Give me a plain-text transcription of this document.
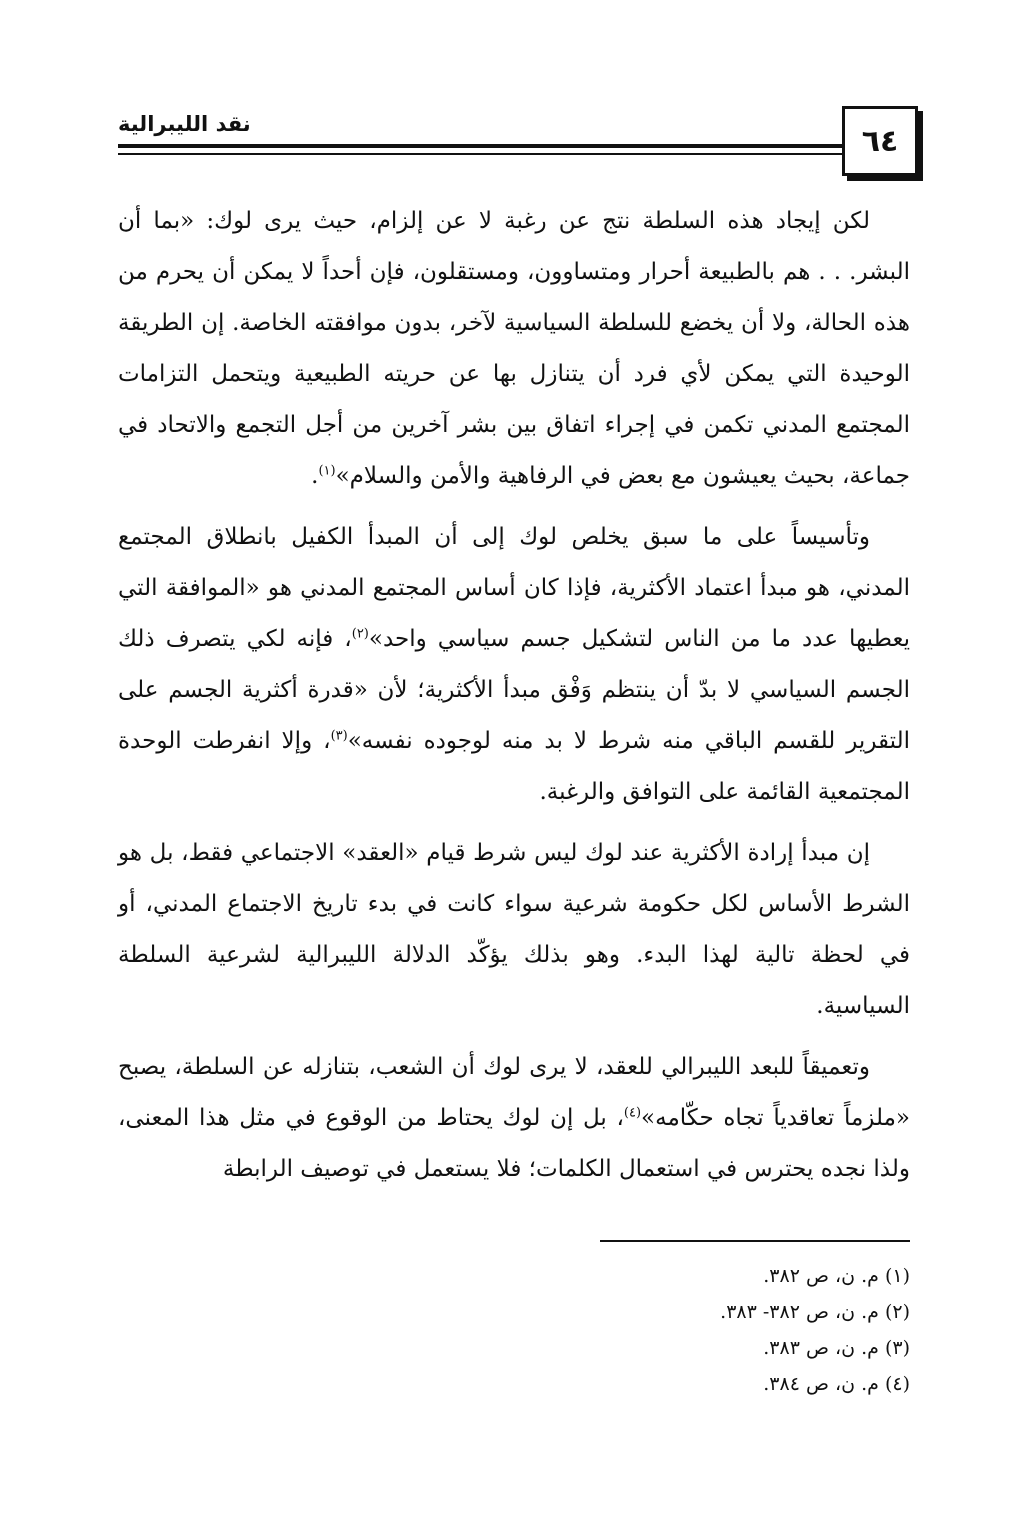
نقد الليبرالية	٦٤

لكن إيجاد هذه السلطة نتج عن رغبة لا عن إلزام، حيث يرى لوك: «بما أن البشر. . . هم بالطبيعة أحرار ومتساوون، ومستقلون، فإن أحداً لا يمكن أن يحرم من هذه الحالة، ولا أن يخضع للسلطة السياسية لآخر، بدون موافقته الخاصة. إن الطريقة الوحيدة التي يمكن لأي فرد أن يتنازل بها عن حريته الطبيعية ويتحمل التزامات المجتمع المدني تكمن في إجراء اتفاق بين بشر آخرين من أجل التجمع والاتحاد في جماعة، بحيث يعيشون مع بعض في الرفاهية والأمن والسلام»$^{(١)}$.

وتأسيساً على ما سبق يخلص لوك إلى أن المبدأ الكفيل بانطلاق المجتمع المدني، هو مبدأ اعتماد الأكثرية، فإذا كان أساس المجتمع المدني هو «الموافقة التي يعطيها عدد ما من الناس لتشكيل جسم سياسي واحد»$^{(٢)}$، فإنه لكي يتصرف ذلك الجسم السياسي لا بدّ أن ينتظم وَفْق مبدأ الأكثرية؛ لأن «قدرة أكثرية الجسم على التقرير للقسم الباقي منه شرط لا بد منه لوجوده نفسه»$^{(٣)}$، وإلا انفرطت الوحدة المجتمعية القائمة على التوافق والرغبة.

إن مبدأ إرادة الأكثرية عند لوك ليس شرط قيام «العقد» الاجتماعي فقط، بل هو الشرط الأساس لكل حكومة شرعية سواء كانت في بدء تاريخ الاجتماع المدني، أو في لحظة تالية لهذا البدء. وهو بذلك يؤكّد الدلالة الليبرالية لشرعية السلطة السياسية.

وتعميقاً للبعد الليبرالي للعقد، لا يرى لوك أن الشعب، بتنازله عن السلطة، يصبح «ملزماً تعاقدياً تجاه حكّامه»$^{(٤)}$، بل إن لوك يحتاط من الوقوع في مثل هذا المعنى، ولذا نجده يحترس في استعمال الكلمات؛ فلا يستعمل في توصيف الرابطة

(١) م. ن، ص ٣٨٢.

(٢) م. ن، ص ٣٨٢- ٣٨٣.

(٣) م. ن، ص ٣٨٣.

(٤) م. ن، ص ٣٨٤.
